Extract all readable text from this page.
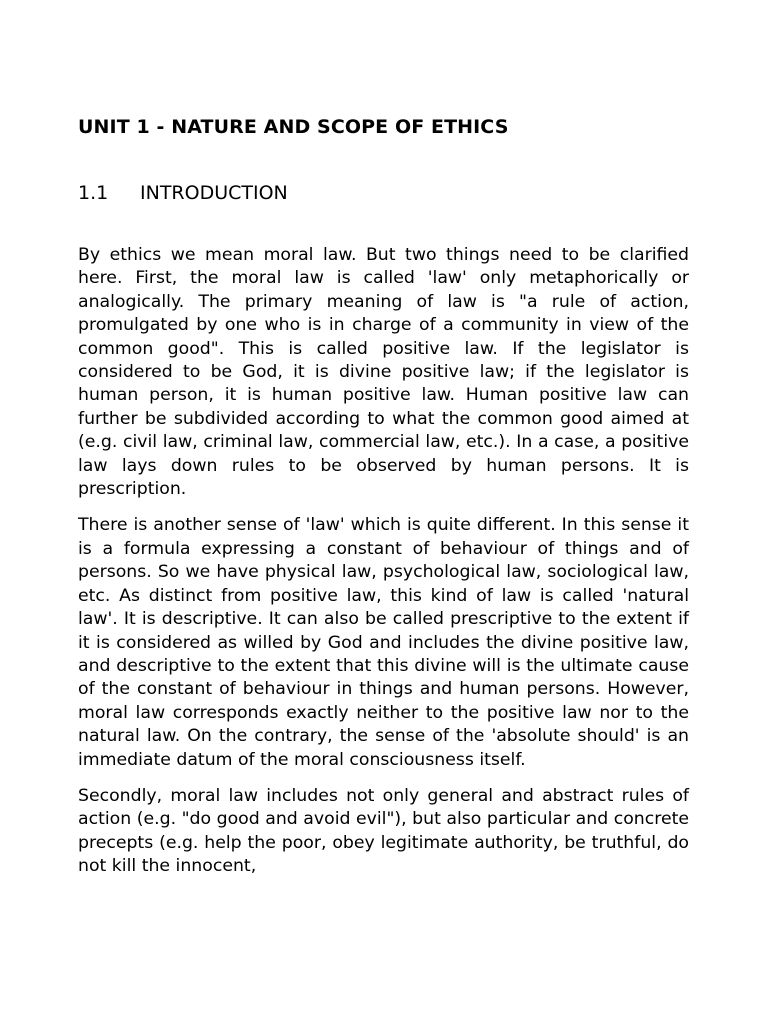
UNIT 1 - NATURE AND SCOPE OF ETHICS
1.1	INTRODUCTION

By ethics we mean moral law. But two things need to be clarified here. First, the moral law is called 'law' only metaphorically or analogically. The primary meaning of law is "a rule of action, promulgated by one who is in charge of a community in view of the common good". This is called positive law. If the legislator is considered to be God, it is divine positive law; if the legislator is human person, it is human positive law. Human positive law can further be subdivided according to what the common good aimed at (e.g. civil law, criminal law, commercial law, etc.). In a case, a positive law lays down rules to be observed by human persons. It is prescription.

There is another sense of 'law' which is quite different. In this sense it is a formula expressing a constant of behaviour of things and of persons. So we have physical law, psychological law, sociological law, etc. As distinct from positive law, this kind of law is called 'natural law'. It is descriptive. It can also be called prescriptive to the extent if it is considered as willed by God and includes the divine positive law, and descriptive to the extent that this divine will is the ultimate cause of the constant of behaviour in things and human persons. However, moral law corresponds exactly neither to the positive law nor to the natural law. On the contrary, the sense of the 'absolute should' is an immediate datum of the moral consciousness itself.

Secondly, moral law includes not only general and abstract rules of action (e.g. "do good and avoid evil"), but also particular and concrete precepts (e.g. help the poor, obey legitimate authority, be truthful, do not kill the innocent,
